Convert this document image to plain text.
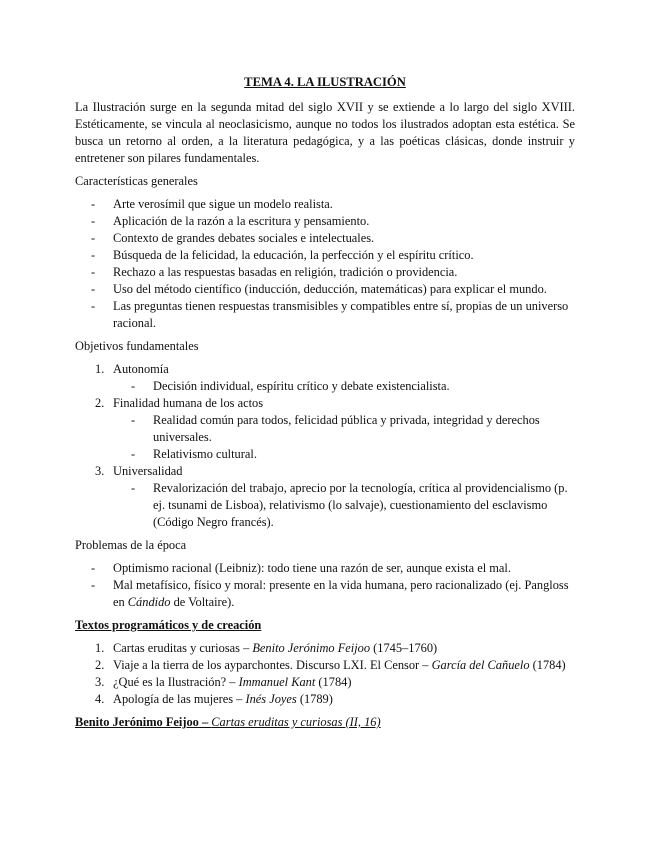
TEMA 4. LA ILUSTRACIÓN

La Ilustración surge en la segunda mitad del siglo XVII y se extiende a lo largo del siglo XVIII. Estéticamente, se vincula al neoclasicismo, aunque no todos los ilustrados adoptan esta estética. Se busca un retorno al orden, a la literatura pedagógica, y a las poéticas clásicas, donde instruir y entretener son pilares fundamentales.

Características generales
- Arte verosímil que sigue un modelo realista.
- Aplicación de la razón a la escritura y pensamiento.
- Contexto de grandes debates sociales e intelectuales.
- Búsqueda de la felicidad, la educación, la perfección y el espíritu crítico.
- Rechazo a las respuestas basadas en religión, tradición o providencia.
- Uso del método científico (inducción, deducción, matemáticas) para explicar el mundo.
- Las preguntas tienen respuestas transmisibles y compatibles entre sí, propias de un universo racional.
Objetivos fundamentales
1. Autonomía
- Decisión individual, espíritu crítico y debate existencialista.
2. Finalidad humana de los actos
- Realidad común para todos, felicidad pública y privada, integridad y derechos universales.
- Relativismo cultural.
3. Universalidad
- Revalorización del trabajo, aprecio por la tecnología, crítica al providencialismo (p. ej. tsunami de Lisboa), relativismo (lo salvaje), cuestionamiento del esclavismo (Código Negro francés).
Problemas de la época
- Optimismo racional (Leibniz): todo tiene una razón de ser, aunque exista el mal.
- Mal metafísico, físico y moral: presente en la vida humana, pero racionalizado (ej. Pangloss en Cándido de Voltaire).
Textos programáticos y de creación
1. Cartas eruditas y curiosas – Benito Jerónimo Feijoo (1745–1760)
2. Viaje a la tierra de los ayparchontes. Discurso LXI. El Censor – García del Cañuelo (1784)
3. ¿Qué es la Ilustración? – Immanuel Kant (1784)
4. Apología de las mujeres – Inés Joyes (1789)
Benito Jerónimo Feijoo – Cartas eruditas y curiosas (II, 16)
